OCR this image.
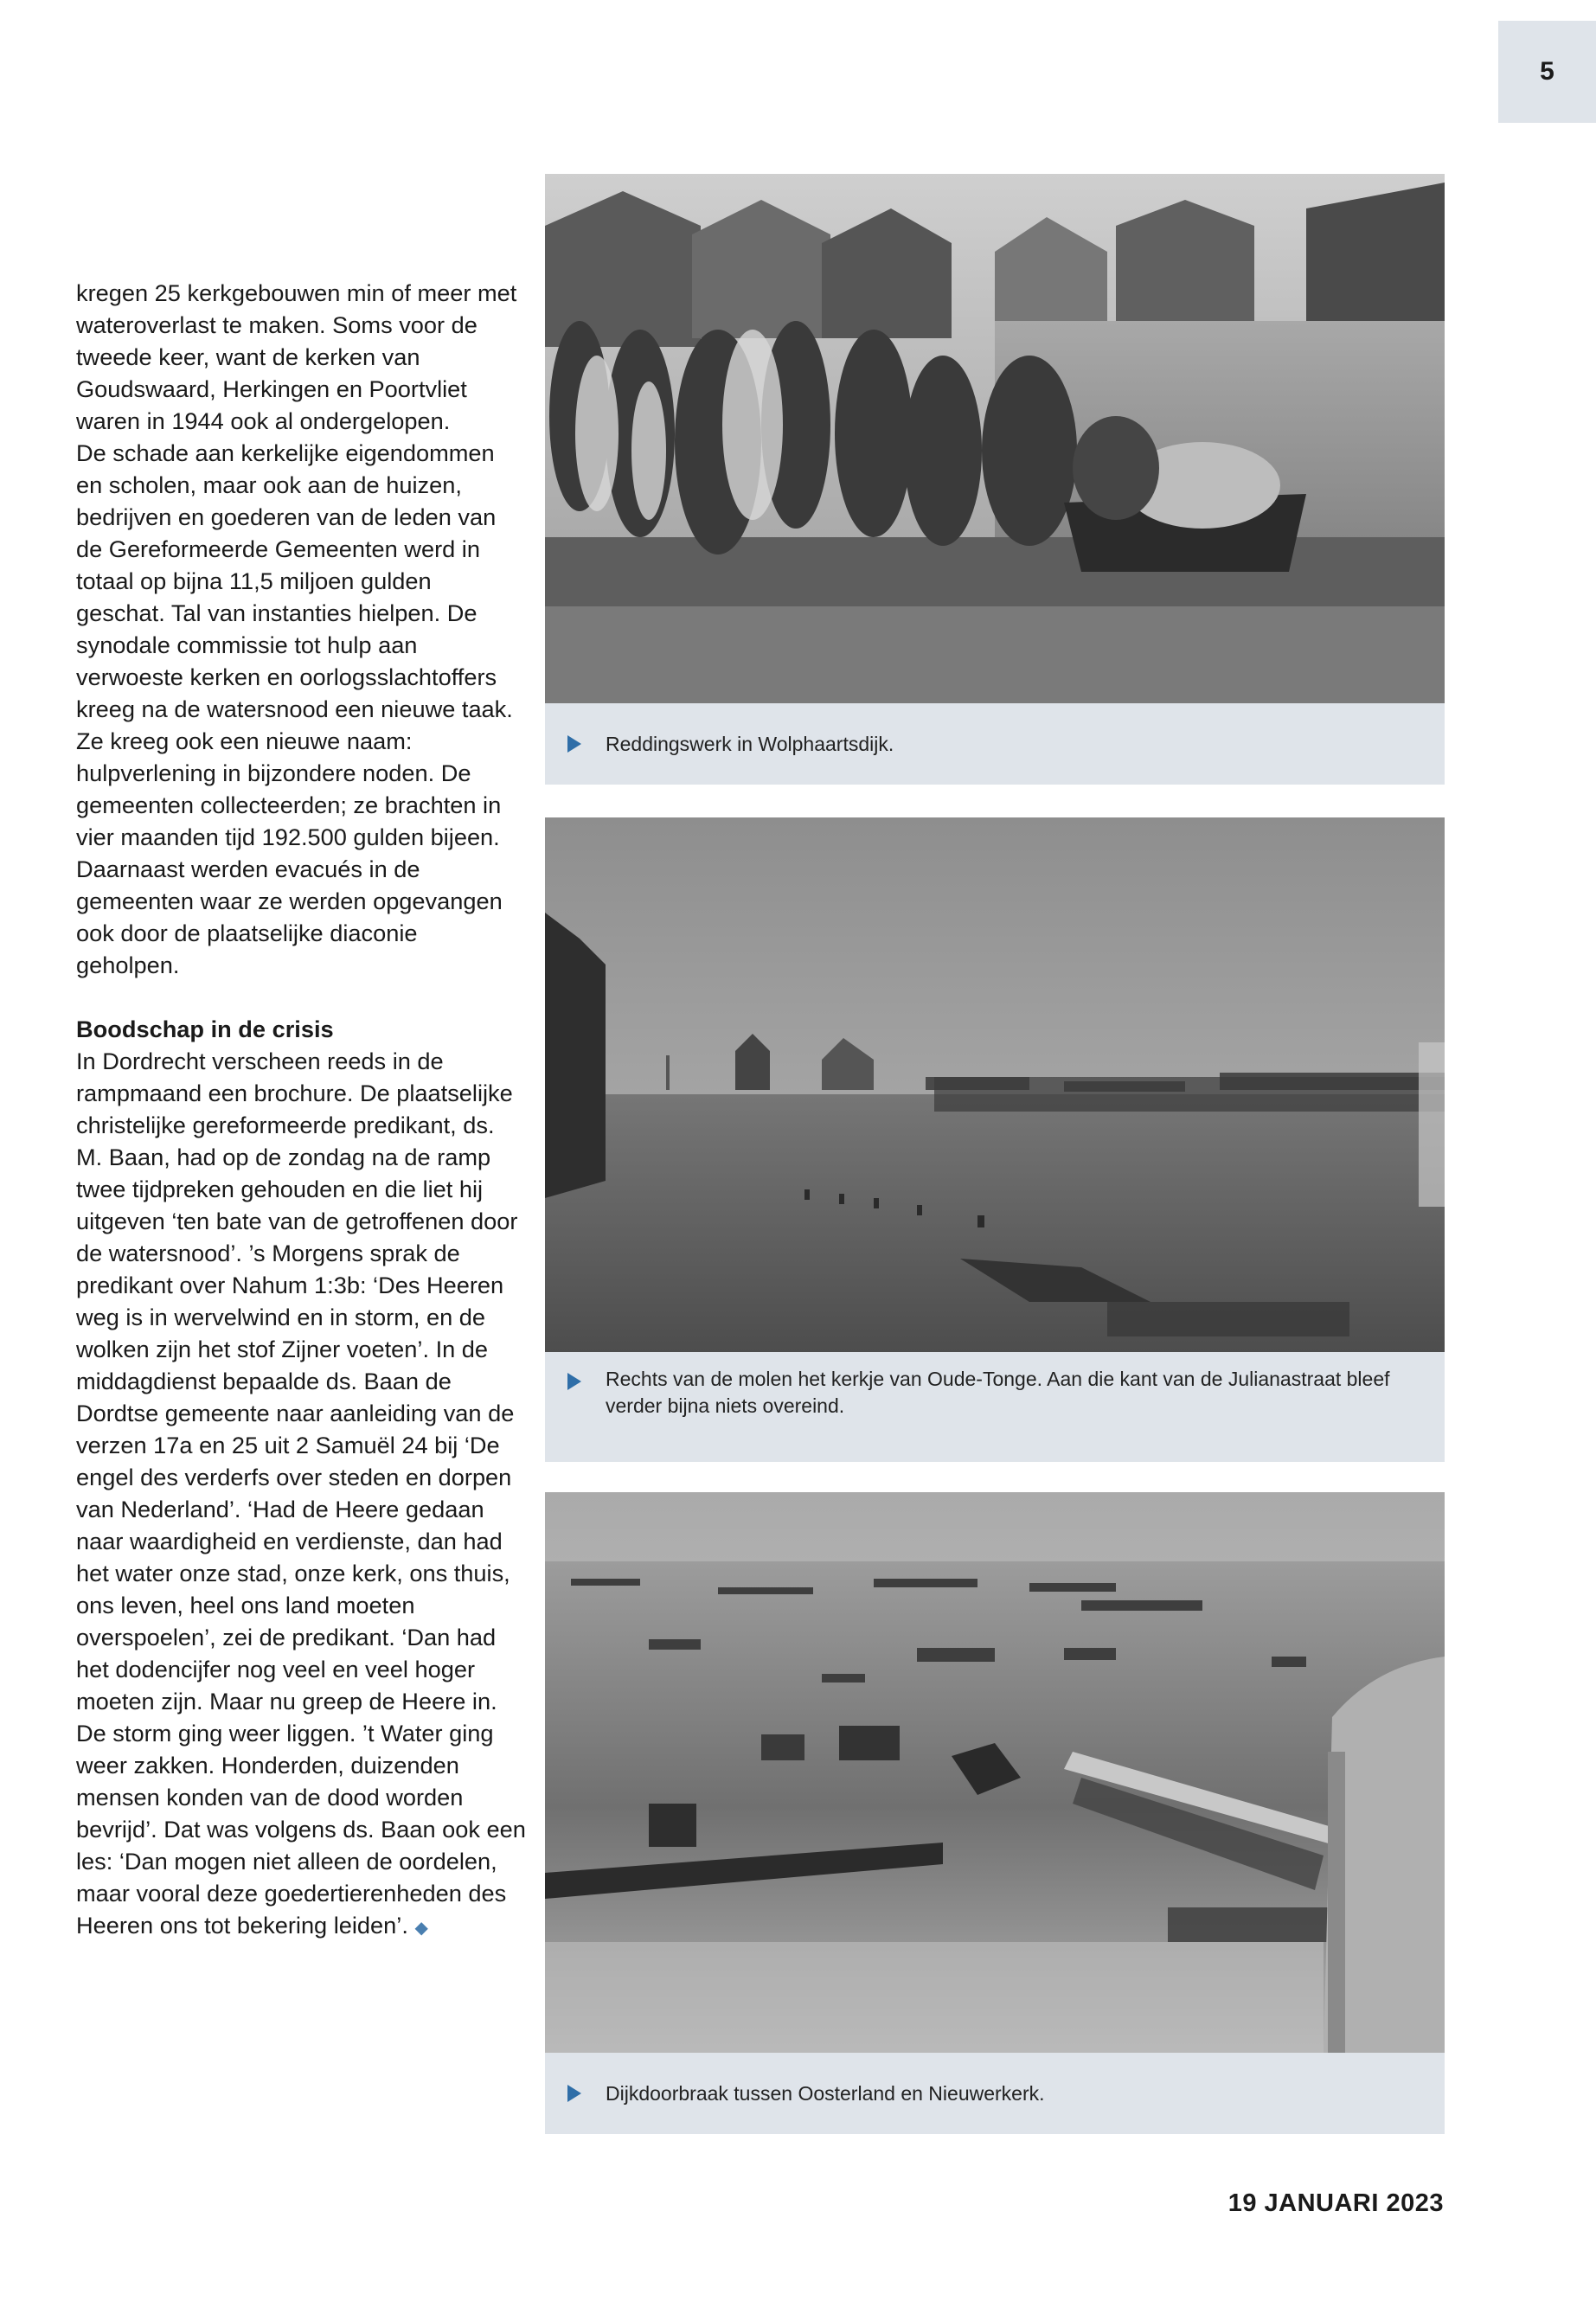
5

kregen 25 kerkgebouwen min of meer met wateroverlast te maken. Soms voor de tweede keer, want de kerken van Goudswaard, Herkingen en Poortvliet waren in 1944 ook al ondergelopen.

De schade aan kerkelijke eigendommen en scholen, maar ook aan de huizen, bedrijven en goederen van de leden van de Gereformeerde Gemeenten werd in totaal op bijna 11,5 miljoen gulden geschat. Tal van instanties hielpen. De synodale commissie tot hulp aan verwoeste kerken en oorlogsslachtoffers kreeg na de watersnood een nieuwe taak. Ze kreeg ook een nieuwe naam: hulpverlening in bijzondere noden. De gemeenten collecteerden; ze brachten in vier maanden tijd 192.500 gulden bijeen. Daarnaast werden evacués in de gemeenten waar ze werden opgevangen ook door de plaatselijke diaconie geholpen.

Boodschap in de crisis

In Dordrecht verscheen reeds in de rampmaand een brochure. De plaatselijke christelijke gereformeerde predikant, ds. M. Baan, had op de zondag na de ramp twee tijdpreken gehouden en die liet hij uitgeven ‘ten bate van de getroffenen door de watersnood’. ’s Morgens sprak de predikant over Nahum 1:3b: ‘Des Heeren weg is in wervelwind en in storm, en de wolken zijn het stof Zijner voeten’. In de middagdienst bepaalde ds. Baan de Dordtse gemeente naar aanleiding van de verzen 17a en 25 uit 2 Samuël 24 bij ‘De engel des verderfs over steden en dorpen van Nederland’. ‘Had de Heere gedaan naar waardigheid en verdienste, dan had het water onze stad, onze kerk, ons thuis, ons leven, heel ons land moeten overspoelen’, zei de predikant. ‘Dan had het dodencijfer nog veel en veel hoger moeten zijn. Maar nu greep de Heere in. De storm ging weer liggen. ’t Water ging weer zakken. Honderden, duizenden mensen konden van de dood worden bevrijd’. Dat was volgens ds. Baan ook een les: ‘Dan mogen niet alleen de oordelen, maar vooral deze goedertierenheden des Heeren ons tot bekering leiden’. ◆

Reddingswerk in Wolphaartsdijk.
Rechts van de molen het kerkje van Oude-Tonge. Aan die kant van de Julianastraat bleef verder bijna niets overeind.
Dijkdoorbraak tussen Oosterland en Nieuwerkerk.
19 JANUARI 2023
